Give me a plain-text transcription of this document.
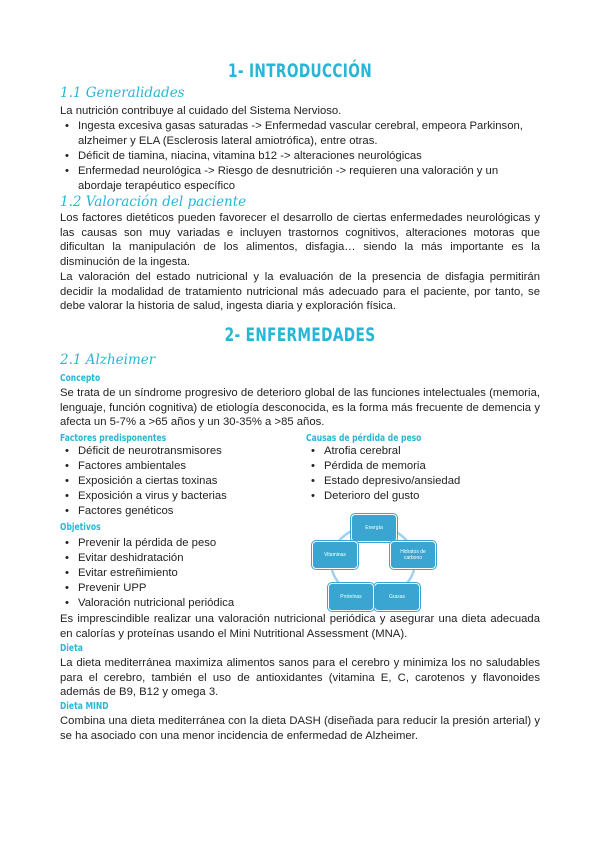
1- INTRODUCCIÓN
1.1 Generalidades

La nutrición contribuye al cuidado del Sistema Nervioso.

• Ingesta excesiva gasas saturadas -> Enfermedad vascular cerebral, empeora Parkinson, alzheimer y ELA (Esclerosis lateral amiotrófica), entre otras.
• Déficit de tiamina, niacina, vitamina b12 -> alteraciones neurológicas
• Enfermedad neurológica -> Riesgo de desnutrición -> requieren una valoración y un abordaje terapéutico específico
1.2 Valoración del paciente

Los factores dietéticos pueden favorecer el desarrollo de ciertas enfermedades neurológicas y las causas son muy variadas e incluyen trastornos cognitivos, alteraciones motoras que dificultan la manipulación de los alimentos, disfagia… siendo la más importante es la disminución de la ingesta.

La valoración del estado nutricional y la evaluación de la presencia de disfagia permitirán decidir la modalidad de tratamiento nutricional más adecuado para el paciente, por tanto, se debe valorar la historia de salud, ingesta diaria y exploración física.

2- ENFERMEDADES
2.1 Alzheimer
Concepto

Se trata de un síndrome progresivo de deterioro global de las funciones intelectuales (memoria, lenguaje, función cognitiva) de etiología desconocida, es la forma más frecuente de demencia y afecta un 5-7% a >65 años y un 30-35% a >85 años.

Factores predisponentes
• Déficit de neurotransmisores
• Factores ambientales
• Exposición a ciertas toxinas
• Exposición a virus y bacterias
• Factores genéticos
Causas de pérdida de peso
• Atrofia cerebral
• Pérdida de memoria
• Estado depresivo/ansiedad
• Deterioro del gusto
Objetivos
• Prevenir la pérdida de peso
• Evitar deshidratación
• Evitar estreñimiento
• Prevenir UPP
• Valoración nutricional periódica
Energía
Hidratos de carbono
Grasas
Proteínas
Vitaminas

Es imprescindible realizar una valoración nutricional periódica y asegurar una dieta adecuada en calorías y proteínas usando el Mini Nutritional Assessment (MNA).

Dieta

La dieta mediterránea maximiza alimentos sanos para el cerebro y minimiza los no saludables para el cerebro, también el uso de antioxidantes (vitamina E, C, carotenos y flavonoides además de B9, B12 y omega 3.

Dieta MIND

Combina una dieta mediterránea con la dieta DASH (diseñada para reducir la presión arterial) y se ha asociado con una menor incidencia de enfermedad de Alzheimer.
